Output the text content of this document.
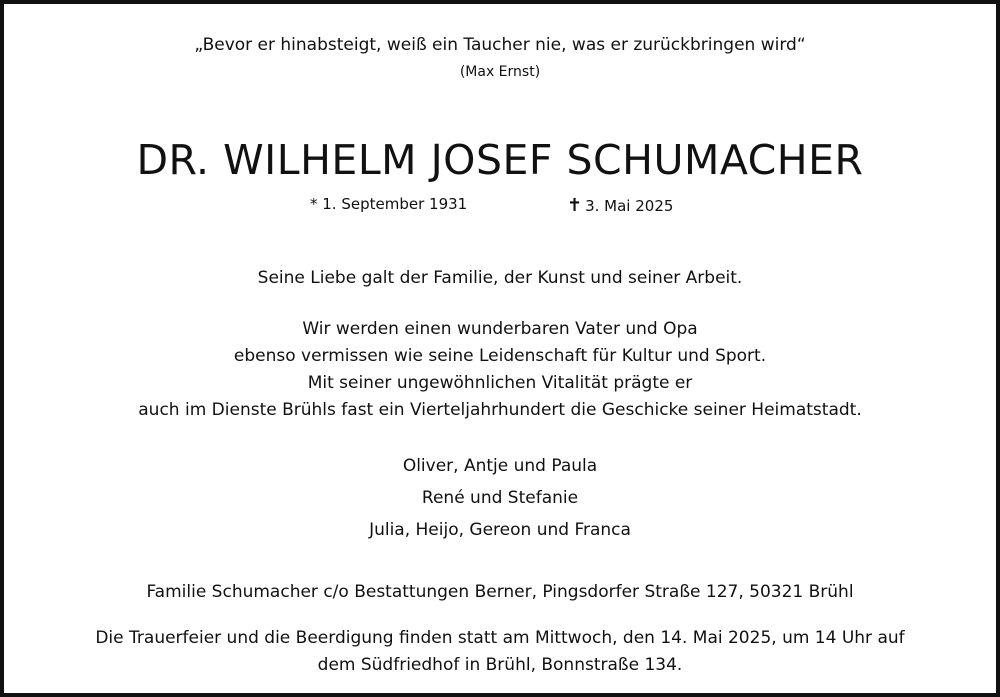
„Bevor er hinabsteigt, weiß ein Taucher nie, was er zurückbringen wird“
(Max Ernst)
DR. WILHELM JOSEF SCHUMACHER
* 1. September 1931	✝ 3. Mai 2025
Seine Liebe galt der Familie, der Kunst und seiner Arbeit.
Wir werden einen wunderbaren Vater und Opa
ebenso vermissen wie seine Leidenschaft für Kultur und Sport.
Mit seiner ungewöhnlichen Vitalität prägte er
auch im Dienste Brühls fast ein Vierteljahrhundert die Geschicke seiner Heimatstadt.
Oliver, Antje und Paula
René und Stefanie
Julia, Heijo, Gereon und Franca
Familie Schumacher c/o Bestattungen Berner, Pingsdorfer Straße 127, 50321 Brühl
Die Trauerfeier und die Beerdigung finden statt am Mittwoch, den 14. Mai 2025, um 14 Uhr auf
dem Südfriedhof in Brühl, Bonnstraße 134.
